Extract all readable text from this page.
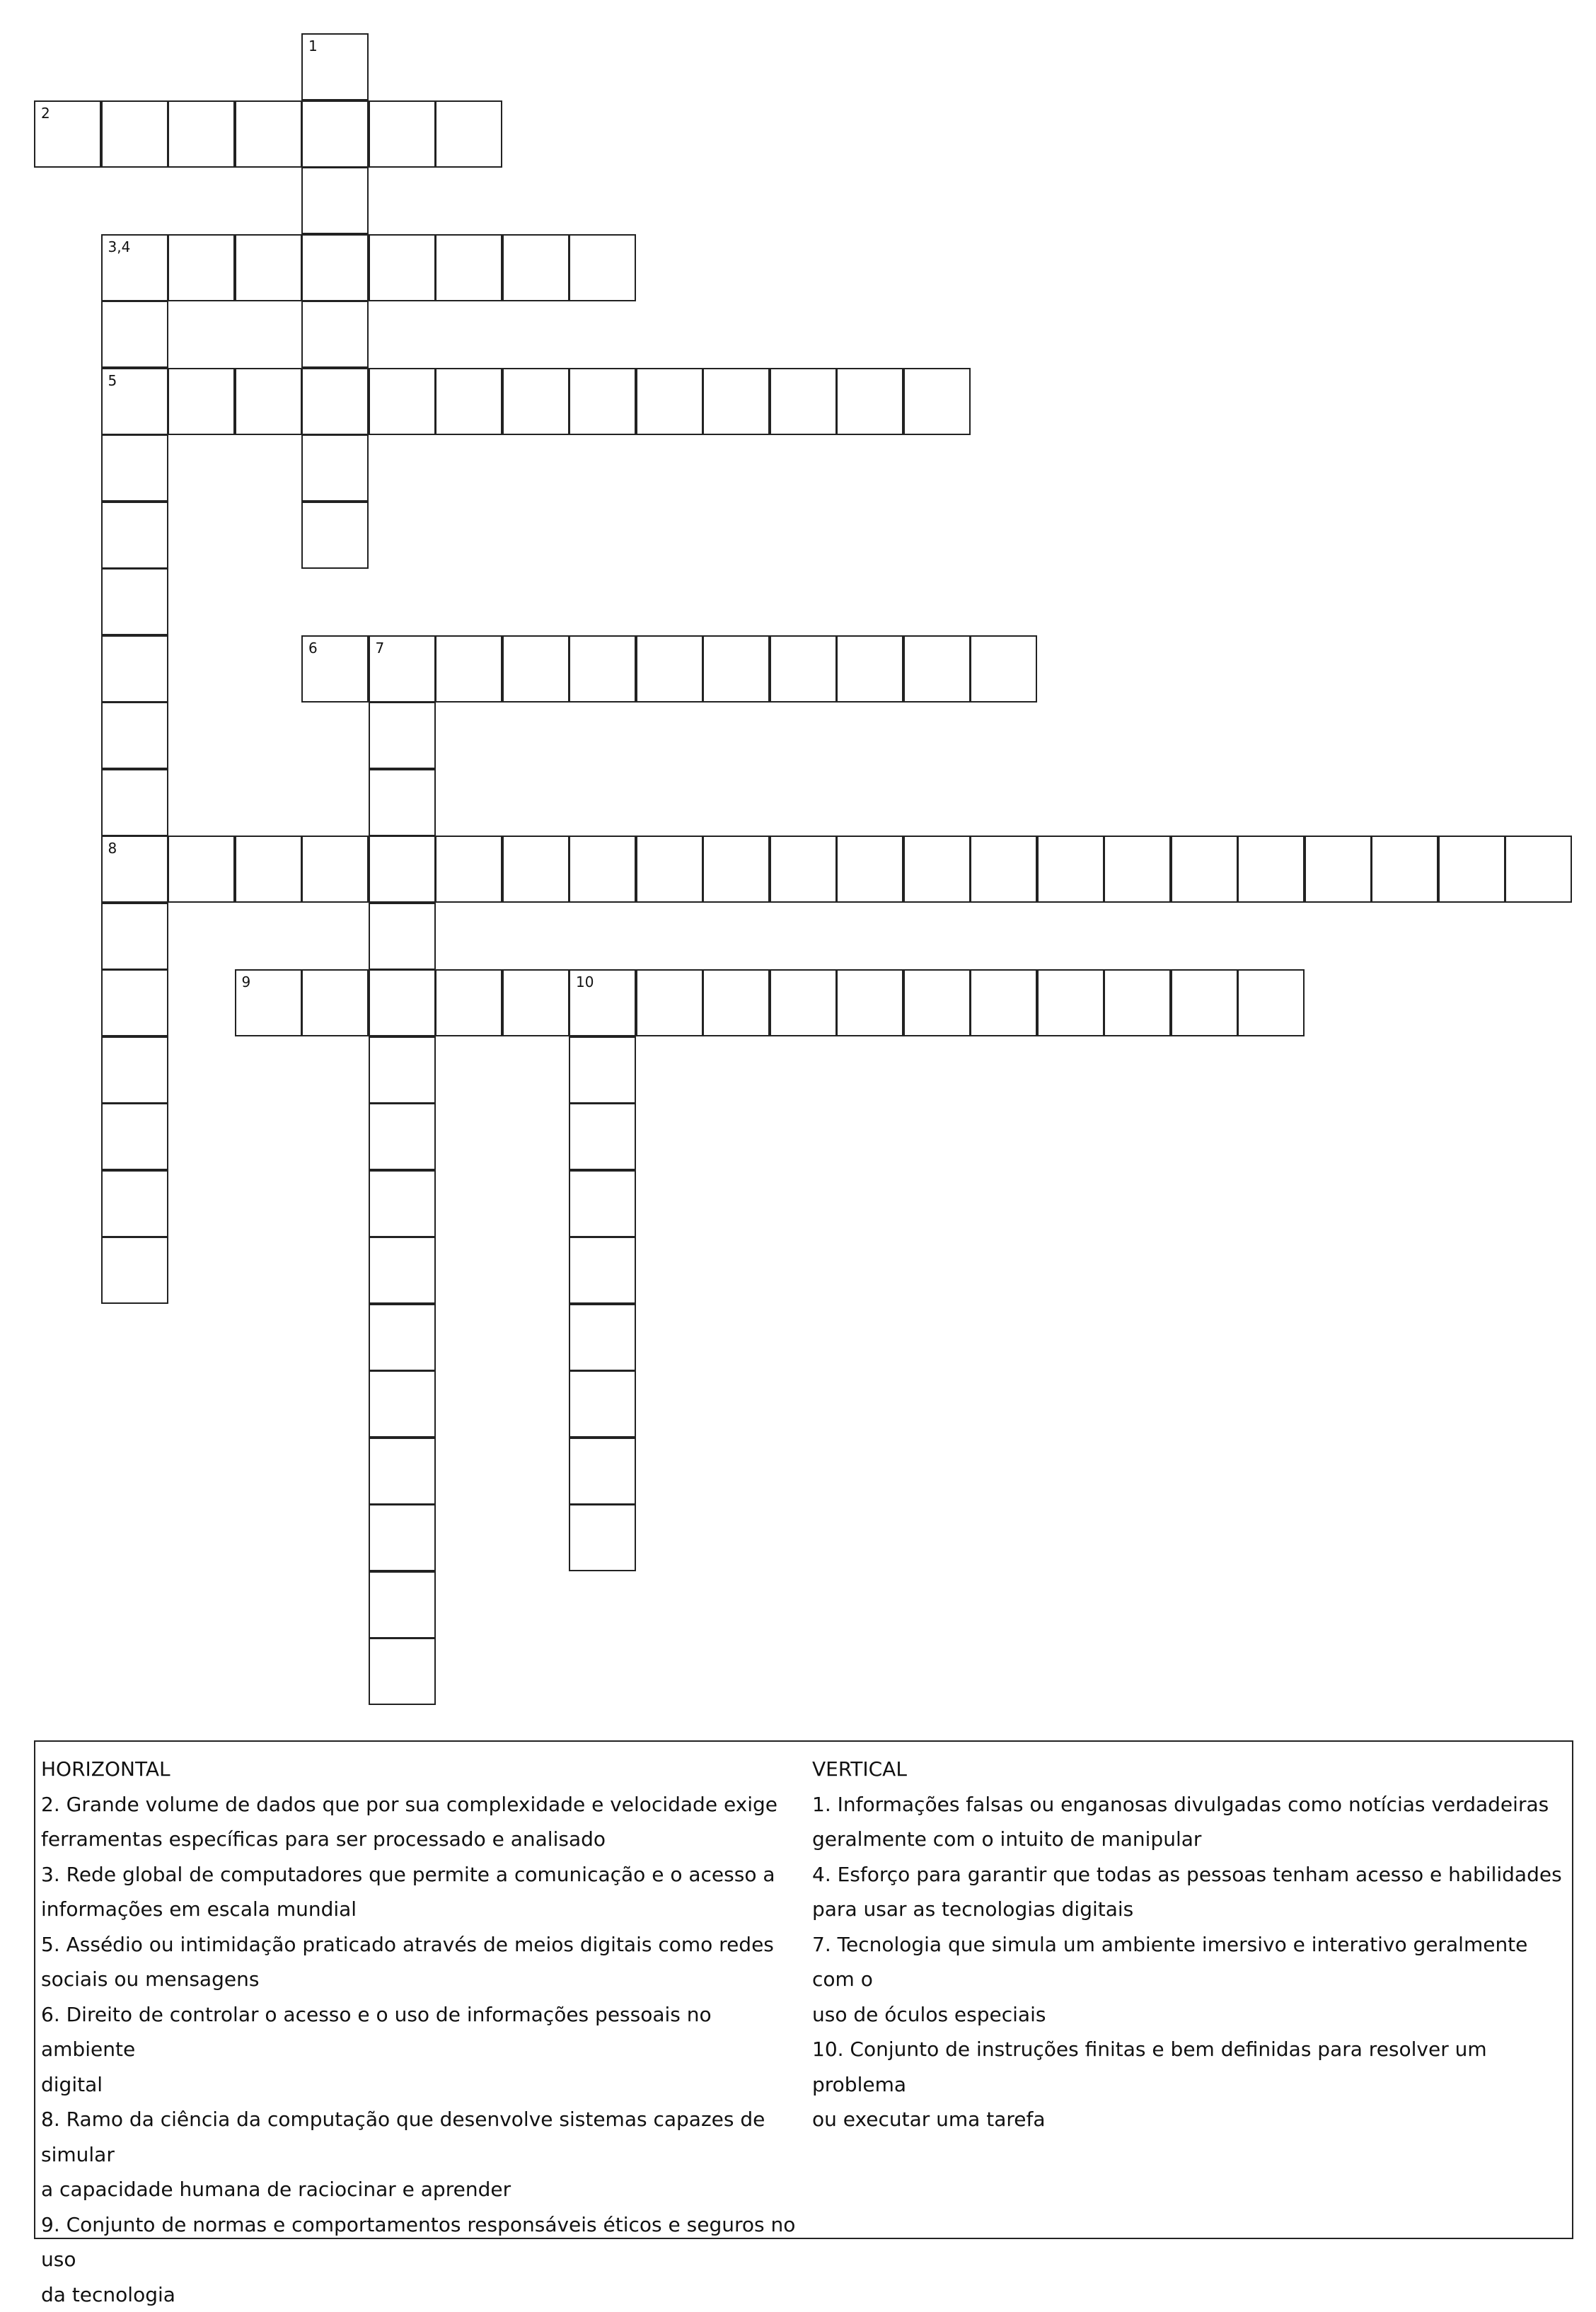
1
2
3,4
5
8
6	7
9	10

HORIZONTAL

2. Grande volume de dados que por sua complexidade e velocidade exige

ferramentas específicas para ser processado e analisado

3. Rede global de computadores que permite a comunicação e o acesso a

informações em escala mundial

5. Assédio ou intimidação praticado através de meios digitais como redes

sociais ou mensagens

6. Direito de controlar o acesso e o uso de informações pessoais no ambiente

digital

8. Ramo da ciência da computação que desenvolve sistemas capazes de simular

a capacidade humana de raciocinar e aprender

9. Conjunto de normas e comportamentos responsáveis éticos e seguros no uso

da tecnologia

VERTICAL

1. Informações falsas ou enganosas divulgadas como notícias verdadeiras

geralmente com o intuito de manipular

4. Esforço para garantir que todas as pessoas tenham acesso e habilidades

para usar as tecnologias digitais

7. Tecnologia que simula um ambiente imersivo e interativo geralmente com o

uso de óculos especiais

10. Conjunto de instruções finitas e bem definidas para resolver um problema

ou executar uma tarefa
